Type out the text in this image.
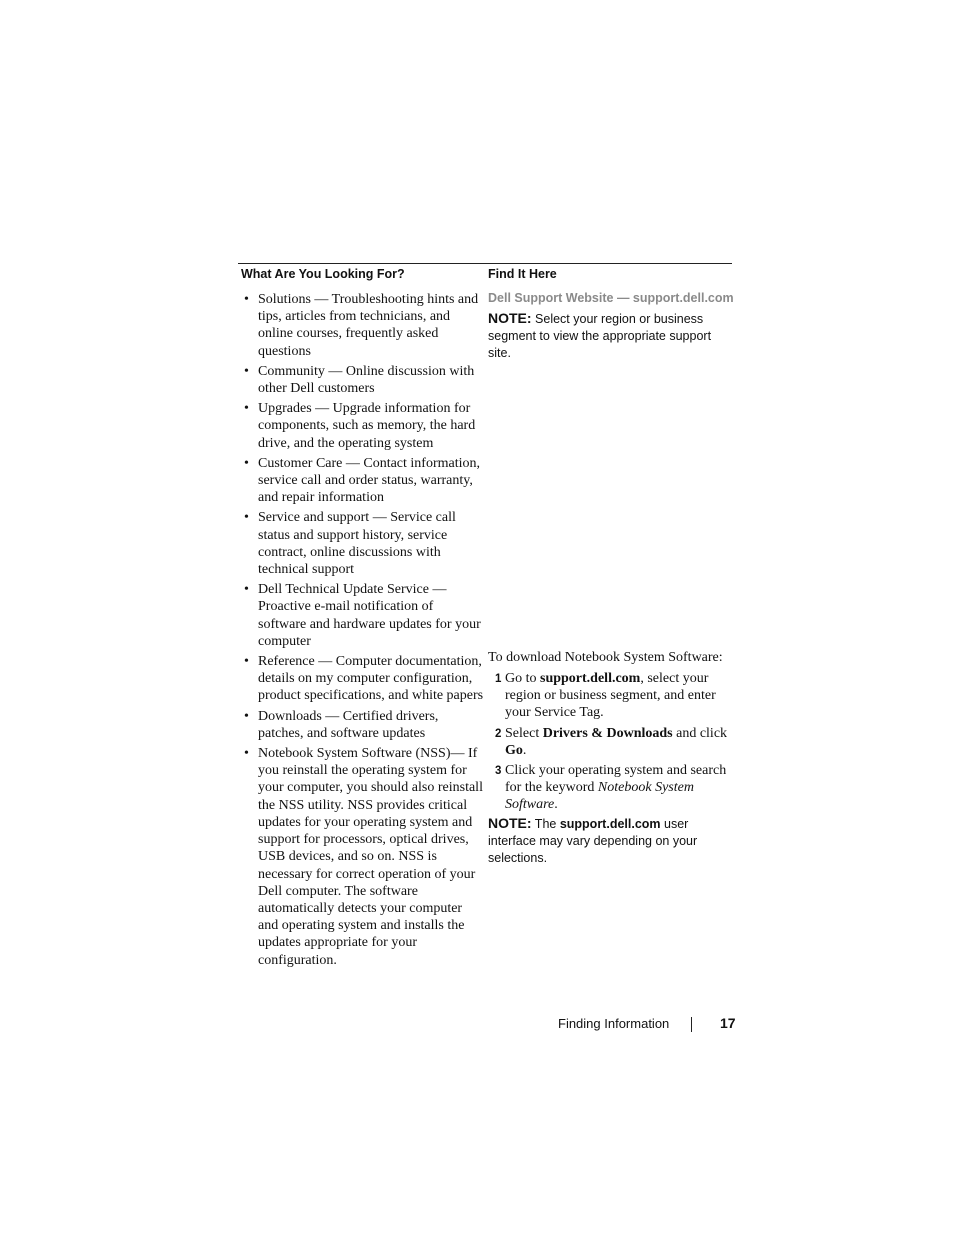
What Are You Looking For?	Find It Here
• Solutions — Troubleshooting hints and tips, articles from technicians, and online courses, frequently asked questions
• Community — Online discussion with other Dell customers
• Upgrades — Upgrade information for components, such as memory, the hard drive, and the operating system
• Customer Care — Contact information, service call and order status, warranty, and repair information
• Service and support — Service call status and support history, service contract, online discussions with technical support
• Dell Technical Update Service — Proactive e-mail notification of software and hardware updates for your computer
• Reference — Computer documentation, details on my computer configuration, product specifications, and white papers
• Downloads — Certified drivers, patches, and software updates
• Notebook System Software (NSS)— If you reinstall the operating system for your computer, you should also reinstall the NSS utility. NSS provides critical updates for your operating system and support for processors, optical drives, USB devices, and so on. NSS is necessary for correct operation of your Dell computer. The software automatically detects your computer and operating system and installs the updates appropriate for your configuration.
Dell Support Website — support.dell.com
NOTE: Select your region or business segment to view the appropriate support site.
To download Notebook System Software:
1 Go to support.dell.com, select your region or business segment, and enter your Service Tag.
2 Select Drivers & Downloads and click Go.
3 Click your operating system and search for the keyword Notebook System Software.
NOTE: The support.dell.com user interface may vary depending on your selections.
Finding Information	17
